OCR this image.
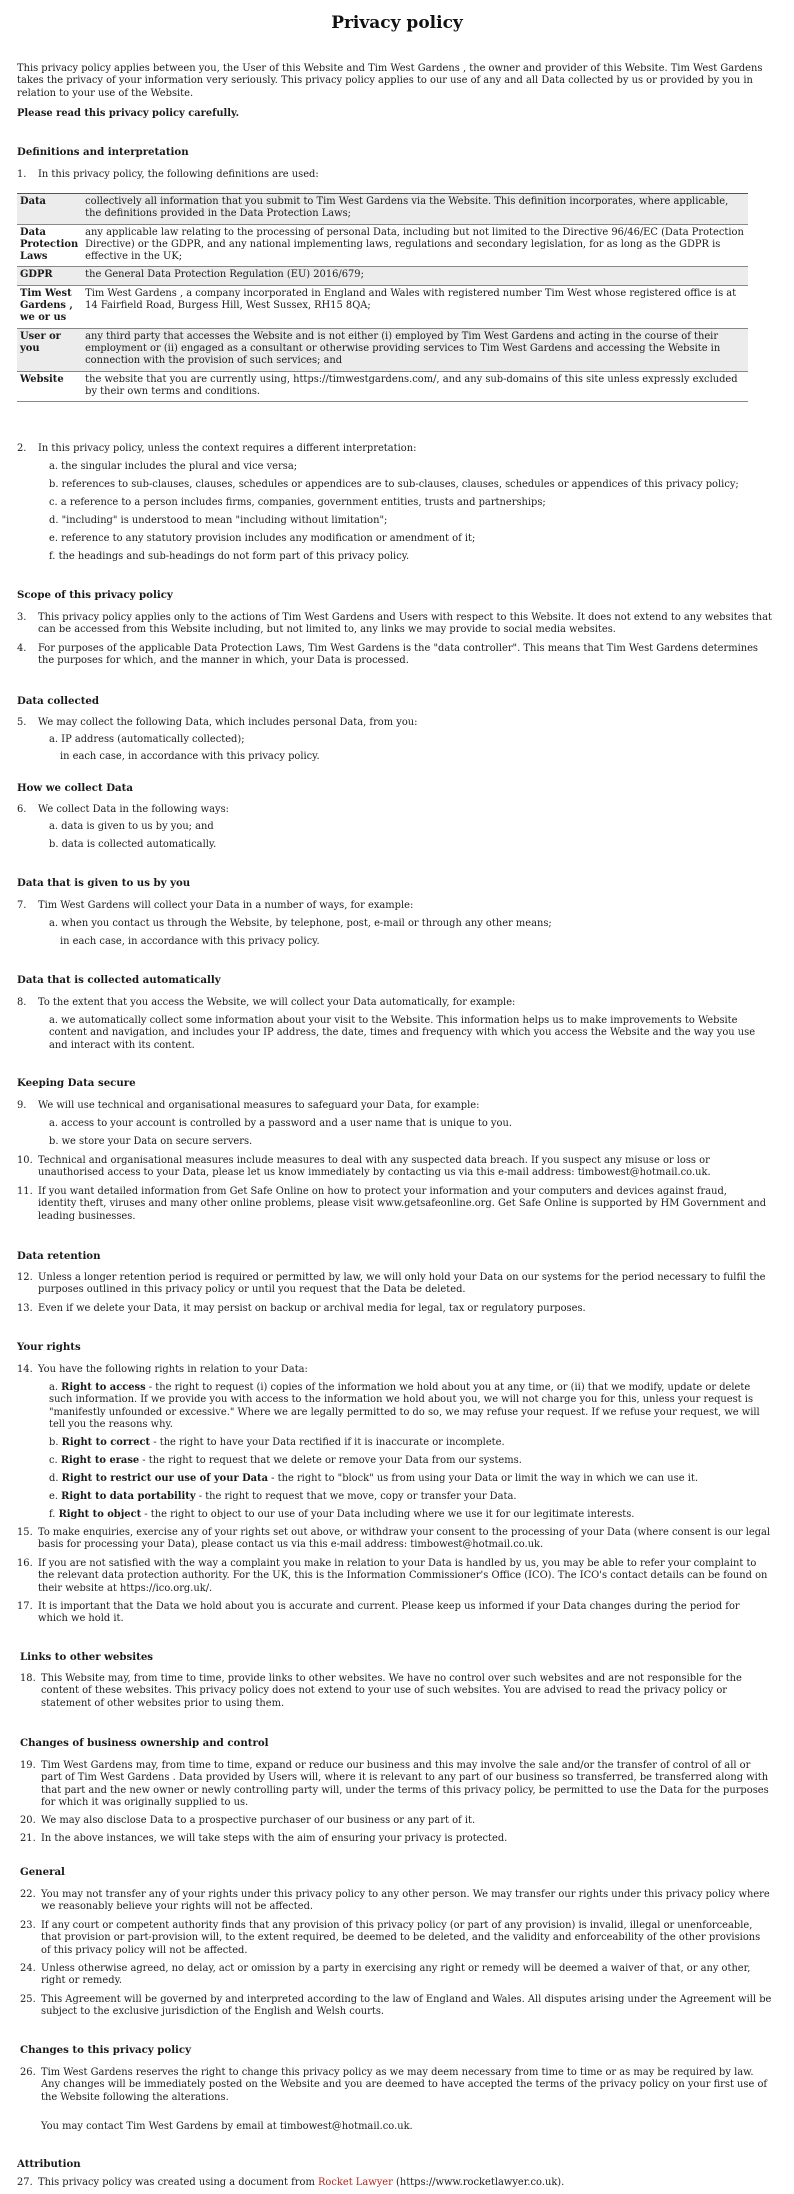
Privacy policy
This privacy policy applies between you, the User of this Website and Tim West Gardens , the owner and provider of this Website. Tim West Gardens takes the privacy of your information very seriously. This privacy policy applies to our use of any and all Data collected by us or provided by you in relation to your use of the Website.
Please read this privacy policy carefully.
Definitions and interpretation
1.	In this privacy policy, the following definitions are used:
Data	collectively all information that you submit to Tim West Gardens via the Website. This definition incorporates, where applicable, the definitions provided in the Data Protection Laws;
Data Protection Laws	any applicable law relating to the processing of personal Data, including but not limited to the Directive 96/46/EC (Data Protection Directive) or the GDPR, and any national implementing laws, regulations and secondary legislation, for as long as the GDPR is effective in the UK;
GDPR	the General Data Protection Regulation (EU) 2016/679;
Tim West Gardens , we or us	Tim West Gardens , a company incorporated in England and Wales with registered number Tim West whose registered office is at 14 Fairfield Road, Burgess Hill, West Sussex, RH15 8QA;
User or you	any third party that accesses the Website and is not either (i) employed by Tim West Gardens and acting in the course of their employment or (ii) engaged as a consultant or otherwise providing services to Tim West Gardens and accessing the Website in connection with the provision of such services; and
Website	the website that you are currently using, https://timwestgardens.com/, and any sub-domains of this site unless expressly excluded by their own terms and conditions.
2.	In this privacy policy, unless the context requires a different interpretation:
a. the singular includes the plural and vice versa;
b. references to sub-clauses, clauses, schedules or appendices are to sub-clauses, clauses, schedules or appendices of this privacy policy;
c. a reference to a person includes firms, companies, government entities, trusts and partnerships;
d. "including" is understood to mean "including without limitation";
e. reference to any statutory provision includes any modification or amendment of it;
f. the headings and sub-headings do not form part of this privacy policy.
Scope of this privacy policy
3.	This privacy policy applies only to the actions of Tim West Gardens and Users with respect to this Website. It does not extend to any websites that can be accessed from this Website including, but not limited to, any links we may provide to social media websites.
4.	For purposes of the applicable Data Protection Laws, Tim West Gardens is the "data controller". This means that Tim West Gardens determines the purposes for which, and the manner in which, your Data is processed.
Data collected
5.	We may collect the following Data, which includes personal Data, from you:
a. IP address (automatically collected);
in each case, in accordance with this privacy policy.
How we collect Data
6.	We collect Data in the following ways:
a. data is given to us by you; and
b. data is collected automatically.
Data that is given to us by you
7.	Tim West Gardens will collect your Data in a number of ways, for example:
a. when you contact us through the Website, by telephone, post, e-mail or through any other means;
in each case, in accordance with this privacy policy.
Data that is collected automatically
8.	To the extent that you access the Website, we will collect your Data automatically, for example:
a. we automatically collect some information about your visit to the Website. This information helps us to make improvements to Website content and navigation, and includes your IP address, the date, times and frequency with which you access the Website and the way you use and interact with its content.
Keeping Data secure
9.	We will use technical and organisational measures to safeguard your Data, for example:
a. access to your account is controlled by a password and a user name that is unique to you.
b. we store your Data on secure servers.
10. Technical and organisational measures include measures to deal with any suspected data breach. If you suspect any misuse or loss or unauthorised access to your Data, please let us know immediately by contacting us via this e-mail address: timbowest@hotmail.co.uk.
11. If you want detailed information from Get Safe Online on how to protect your information and your computers and devices against fraud, identity theft, viruses and many other online problems, please visit www.getsafeonline.org. Get Safe Online is supported by HM Government and leading businesses.
Data retention
12. Unless a longer retention period is required or permitted by law, we will only hold your Data on our systems for the period necessary to fulfil the purposes outlined in this privacy policy or until you request that the Data be deleted.
13. Even if we delete your Data, it may persist on backup or archival media for legal, tax or regulatory purposes.
Your rights
14. You have the following rights in relation to your Data:
a. Right to access - the right to request (i) copies of the information we hold about you at any time, or (ii) that we modify, update or delete such information. If we provide you with access to the information we hold about you, we will not charge you for this, unless your request is "manifestly unfounded or excessive." Where we are legally permitted to do so, we may refuse your request. If we refuse your request, we will tell you the reasons why.
b. Right to correct - the right to have your Data rectified if it is inaccurate or incomplete.
c. Right to erase - the right to request that we delete or remove your Data from our systems.
d. Right to restrict our use of your Data - the right to "block" us from using your Data or limit the way in which we can use it.
e. Right to data portability - the right to request that we move, copy or transfer your Data.
f. Right to object - the right to object to our use of your Data including where we use it for our legitimate interests.
15. To make enquiries, exercise any of your rights set out above, or withdraw your consent to the processing of your Data (where consent is our legal basis for processing your Data), please contact us via this e-mail address: timbowest@hotmail.co.uk.
16. If you are not satisfied with the way a complaint you make in relation to your Data is handled by us, you may be able to refer your complaint to the relevant data protection authority. For the UK, this is the Information Commissioner's Office (ICO). The ICO's contact details can be found on their website at https://ico.org.uk/.
17. It is important that the Data we hold about you is accurate and current. Please keep us informed if your Data changes during the period for which we hold it.
Links to other websites
18. This Website may, from time to time, provide links to other websites. We have no control over such websites and are not responsible for the content of these websites. This privacy policy does not extend to your use of such websites. You are advised to read the privacy policy or statement of other websites prior to using them.
Changes of business ownership and control
19. Tim West Gardens may, from time to time, expand or reduce our business and this may involve the sale and/or the transfer of control of all or part of Tim West Gardens . Data provided by Users will, where it is relevant to any part of our business so transferred, be transferred along with that part and the new owner or newly controlling party will, under the terms of this privacy policy, be permitted to use the Data for the purposes for which it was originally supplied to us.
20. We may also disclose Data to a prospective purchaser of our business or any part of it.
21. In the above instances, we will take steps with the aim of ensuring your privacy is protected.
General
22. You may not transfer any of your rights under this privacy policy to any other person. We may transfer our rights under this privacy policy where we reasonably believe your rights will not be affected.
23. If any court or competent authority finds that any provision of this privacy policy (or part of any provision) is invalid, illegal or unenforceable, that provision or part-provision will, to the extent required, be deemed to be deleted, and the validity and enforceability of the other provisions of this privacy policy will not be affected.
24. Unless otherwise agreed, no delay, act or omission by a party in exercising any right or remedy will be deemed a waiver of that, or any other, right or remedy.
25. This Agreement will be governed by and interpreted according to the law of England and Wales. All disputes arising under the Agreement will be subject to the exclusive jurisdiction of the English and Welsh courts.
Changes to this privacy policy
26. Tim West Gardens reserves the right to change this privacy policy as we may deem necessary from time to time or as may be required by law. Any changes will be immediately posted on the Website and you are deemed to have accepted the terms of the privacy policy on your first use of the Website following the alterations.
You may contact Tim West Gardens by email at timbowest@hotmail.co.uk.
Attribution
27. This privacy policy was created using a document from Rocket Lawyer (https://www.rocketlawyer.co.uk).
